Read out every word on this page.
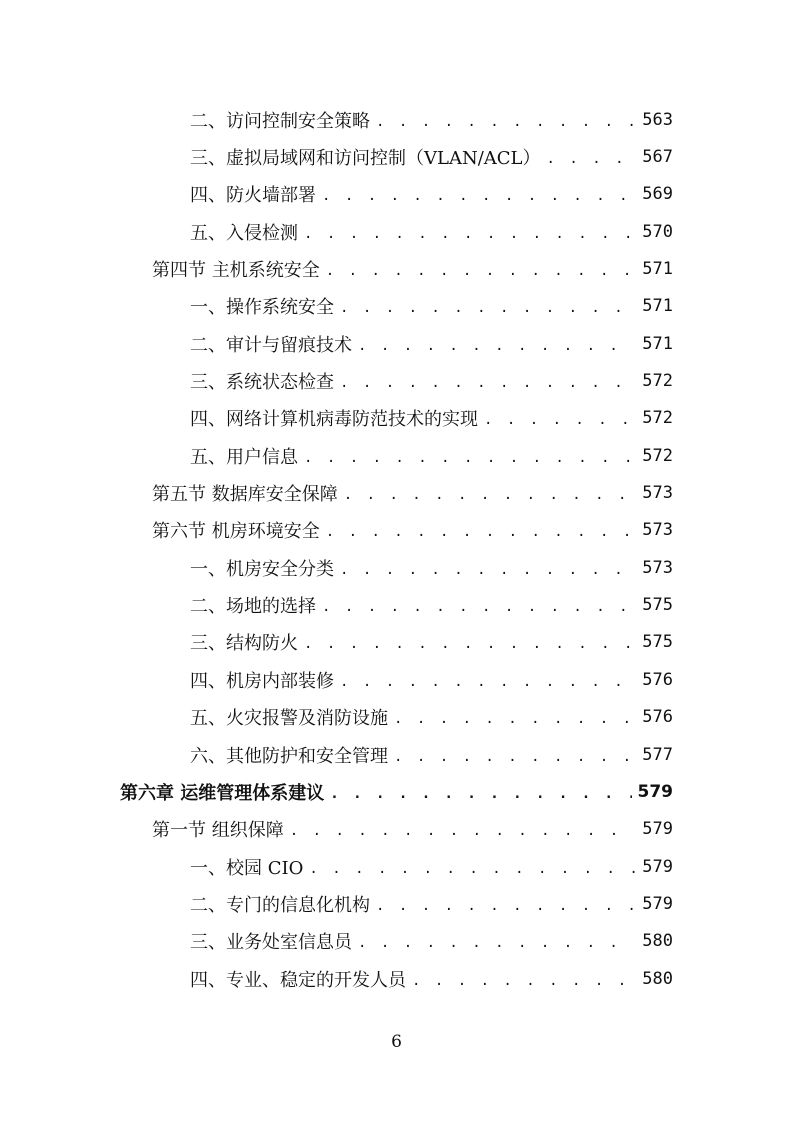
二、访问控制安全策略 . . .	563
三、虚拟局域网和访问控制（VLAN/ACL） . . .	567
四、防火墙部署 . . .	569
五、入侵检测 . . .	570
第四节 主机系统安全 . . .	571
一、操作系统安全 . . .	571
二、审计与留痕技术 . . .	571
三、系统状态检查 . . .	572
四、网络计算机病毒防范技术的实现 . . .	572
五、用户信息 . . .	572
第五节 数据库安全保障 . . .	573
第六节 机房环境安全 . . .	573
一、机房安全分类 . . .	573
二、场地的选择 . . .	575
三、结构防火 . . .	575
四、机房内部装修 . . .	576
五、火灾报警及消防设施 . . .	576
六、其他防护和安全管理 . . .	577
第六章 运维管理体系建议 . . .	579
第一节 组织保障 . . .	579
一、校园 CIO . . .	579
二、专门的信息化机构 . . .	579
三、业务处室信息员 . . .	580
四、专业、稳定的开发人员 . . .	580
6
